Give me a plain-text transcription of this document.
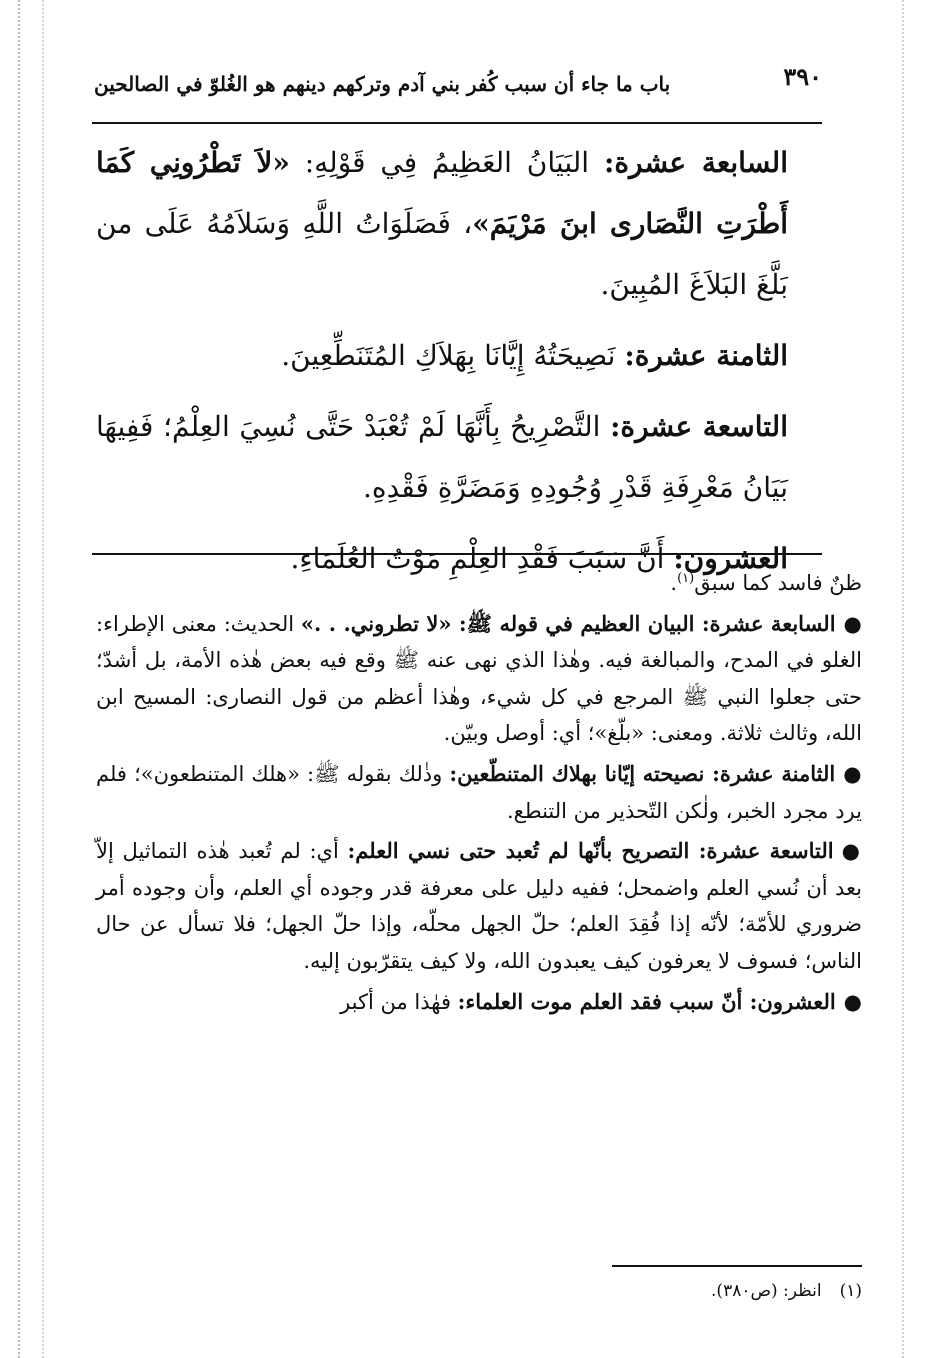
٣٩٠
باب ما جاء أن سبب كُفر بني آدم وتركهم دينهم هو الغُلوّ في الصالحين

السابعة عشرة: البَيَانُ العَظِيمُ فِي قَوْلِهِ: «لاَ تَطْرُونِي كَمَا أَطْرَتِ النَّصَارى ابنَ مَرْيَمَ»، فَصَلَوَاتُ اللَّهِ وَسَلاَمُهُ عَلَى من بَلَّغَ البَلاَغَ المُبِينَ.

الثامنة عشرة: نَصِيحَتُهُ إِيَّانَا بِهَلاَكِ المُتَنَطِّعِينَ.

التاسعة عشرة: التَّصْرِيحُ بِأَنَّهَا لَمْ تُعْبَدْ حَتَّى نُسِيَ العِلْمُ؛ فَفِيهَا بَيَانُ مَعْرِفَةِ قَدْرِ وُجُودِهِ وَمَضَرَّةِ فَقْدِهِ.

العشرون: أَنَّ سَبَبَ فَقْدِ العِلْمِ مَوْتُ العُلَمَاءِ.

ظنٌ فاسد كما سبق$^{(١)}$.

●السابعة عشرة: البيان العظيم في قوله ﷺ: «لا تطروني. . .» الحديث: معنى الإطراء: الغلو في المدح، والمبالغة فيه. وهٰذا الذي نهى عنه ﷺ وقع فيه بعض هٰذه الأمة، بل أشدّ؛ حتى جعلوا النبي ﷺ المرجع في كل شيء، وهٰذا أعظم من قول النصارى: المسيح ابن الله، وثالث ثلاثة. ومعنى: «بلّغ»؛ أي: أوصل وبيّن.

●الثامنة عشرة: نصيحته إيّانا بهلاك المتنطّعين: وذٰلك بقوله ﷺ: «هلك المتنطعون»؛ فلم يرد مجرد الخبر، ولٰكن التّحذير من التنطع.

●التاسعة عشرة: التصريح بأنّها لم تُعبد حتى نسي العلم: أي: لم تُعبد هٰذه التماثيل إلاّ بعد أن نُسي العلم واضمحل؛ ففيه دليل على معرفة قدر وجوده أي العلم، وأن وجوده أمر ضروري للأمّة؛ لأنّه إذا فُقِدَ العلم؛ حلّ الجهل محلّه، وإذا حلّ الجهل؛ فلا تسأل عن حال الناس؛ فسوف لا يعرفون كيف يعبدون الله، ولا كيف يتقرّبون إليه.

●العشرون: أنّ سبب فقد العلم موت العلماء: فهٰذا من أكبر

(١)انظر: (ص٣٨٠).
